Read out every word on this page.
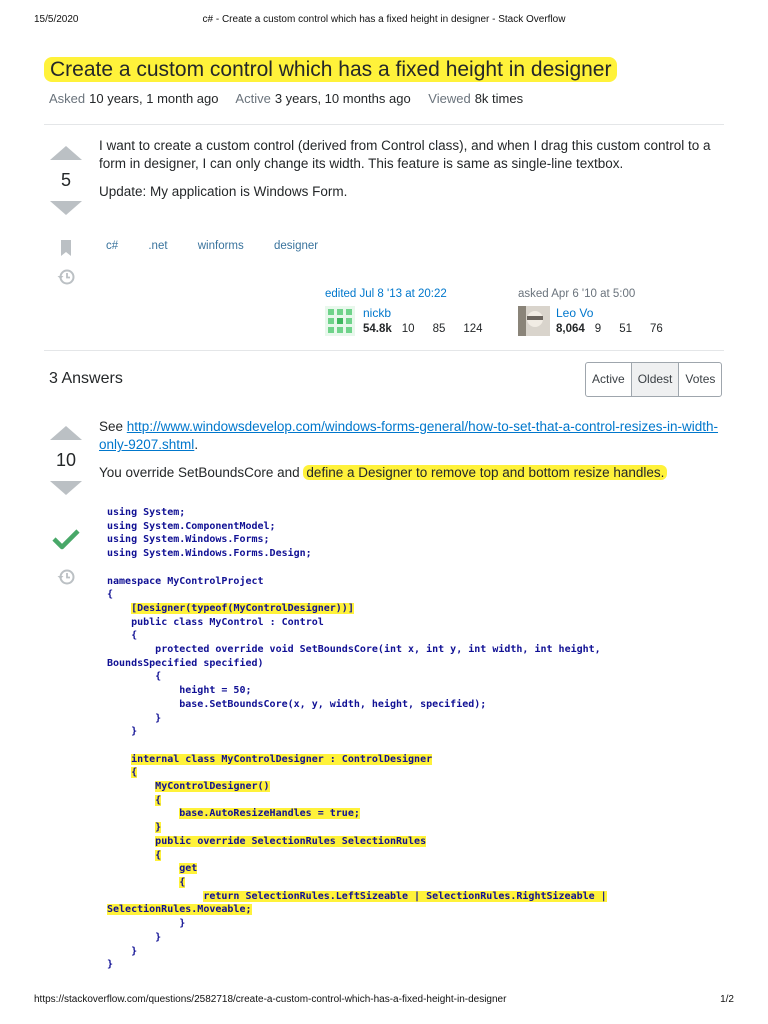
15/5/2020	c# - Create a custom control which has a fixed height in designer - Stack Overflow
Create a custom control which has a fixed height in designer
Asked 10 years, 1 month ago Active 3 years, 10 months ago Viewed 8k times
5

I want to create a custom control (derived from Control class), and when I drag this custom control to a form in designer, I can only change its width. This feature is same as single-line textbox.

Update: My application is Windows Form.

c#	.net	winforms	designer
edited Jul 8 '13 at 20:22
nickb
54.8k 10 85 124
asked Apr 6 '10 at 5:00
Leo Vo
8,064 9 51 76
3 Answers	Active	Oldest	Votes
10

See http://www.windowsdevelop.com/windows-forms-general/how-to-set-that-a-control-resizes-in-width-only-9207.shtml.

You override SetBoundsCore and define a Designer to remove top and bottom resize handles.

using System;
using System.ComponentModel;
using System.Windows.Forms;
using System.Windows.Forms.Design;

namespace MyControlProject
{
[Designer(typeof(MyControlDesigner))]
public class MyControl : Control
{
protected override void SetBoundsCore(int x, int y, int width, int height,
BoundsSpecified specified)
{
height = 50;
base.SetBoundsCore(x, y, width, height, specified);
}
}

internal class MyControlDesigner : ControlDesigner
{
MyControlDesigner()
{
base.AutoResizeHandles = true;
}
public override SelectionRules SelectionRules
{
get
{
return SelectionRules.LeftSizeable | SelectionRules.RightSizeable |
SelectionRules.Moveable;
}
}
}
}
https://stackoverflow.com/questions/2582718/create-a-custom-control-which-has-a-fixed-height-in-designer	1/2
